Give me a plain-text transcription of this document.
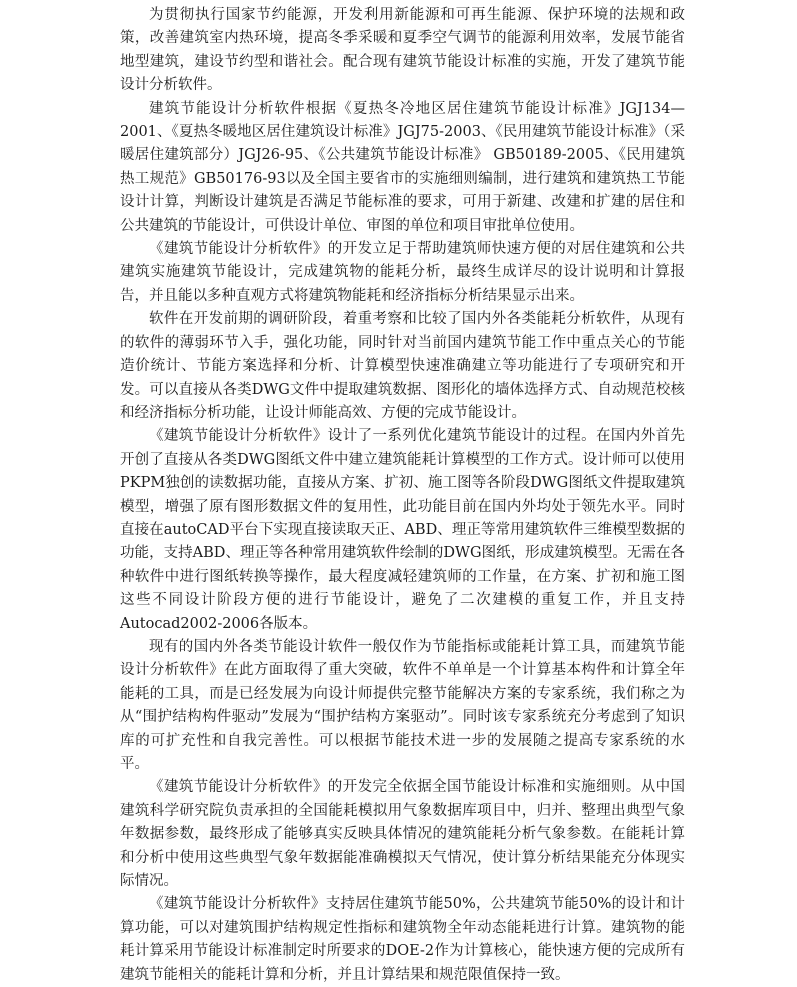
为贯彻执行国家节约能源，开发利用新能源和可再生能源、保护环境的法规和政策，改善建筑室内热环境，提高冬季采暖和夏季空气调节的能源利用效率，发展节能省地型建筑，建设节约型和谐社会。配合现有建筑节能设计标准的实施，开发了建筑节能设计分析软件。

建筑节能设计分析软件根据《夏热冬冷地区居住建筑节能设计标准》JGJ134—2001、《夏热冬暖地区居住建筑设计标准》JGJ75-2003、《民用建筑节能设计标准》（采暖居住建筑部分）JGJ26-95、《公共建筑节能设计标准》 GB50189-2005、《民用建筑热工规范》GB50176-93以及全国主要省市的实施细则编制，进行建筑和建筑热工节能设计计算，判断设计建筑是否满足节能标准的要求，可用于新建、改建和扩建的居住和公共建筑的节能设计，可供设计单位、审图的单位和项目审批单位使用。

《建筑节能设计分析软件》的开发立足于帮助建筑师快速方便的对居住建筑和公共建筑实施建筑节能设计，完成建筑物的能耗分析，最终生成详尽的设计说明和计算报告，并且能以多种直观方式将建筑物能耗和经济指标分析结果显示出来。

软件在开发前期的调研阶段，着重考察和比较了国内外各类能耗分析软件，从现有的软件的薄弱环节入手，强化功能，同时针对当前国内建筑节能工作中重点关心的节能造价统计、节能方案选择和分析、计算模型快速准确建立等功能进行了专项研究和开发。可以直接从各类DWG文件中提取建筑数据、图形化的墙体选择方式、自动规范校核和经济指标分析功能，让设计师能高效、方便的完成节能设计。

《建筑节能设计分析软件》设计了一系列优化建筑节能设计的过程。在国内外首先开创了直接从各类DWG图纸文件中建立建筑能耗计算模型的工作方式。设计师可以使用PKPM独创的读数据功能，直接从方案、扩初、施工图等各阶段DWG图纸文件提取建筑模型，增强了原有图形数据文件的复用性，此功能目前在国内外均处于领先水平。同时直接在autoCAD平台下实现直接读取天正、ABD、理正等常用建筑软件三维模型数据的功能，支持ABD、理正等各种常用建筑软件绘制的DWG图纸，形成建筑模型。无需在各种软件中进行图纸转换等操作，最大程度减轻建筑师的工作量，在方案、扩初和施工图这些不同设计阶段方便的进行节能设计，避免了二次建模的重复工作，并且支持Autocad2002-2006各版本。

现有的国内外各类节能设计软件一般仅作为节能指标或能耗计算工具，而建筑节能设计分析软件》在此方面取得了重大突破，软件不单单是一个计算基本构件和计算全年能耗的工具，而是已经发展为向设计师提供完整节能解决方案的专家系统，我们称之为从“围护结构构件驱动”发展为“围护结构方案驱动”。同时该专家系统充分考虑到了知识库的可扩充性和自我完善性。可以根据节能技术进一步的发展随之提高专家系统的水平。

《建筑节能设计分析软件》的开发完全依据全国节能设计标准和实施细则。从中国建筑科学研究院负责承担的全国能耗模拟用气象数据库项目中，归并、整理出典型气象年数据参数，最终形成了能够真实反映具体情况的建筑能耗分析气象参数。在能耗计算和分析中使用这些典型气象年数据能准确模拟天气情况，使计算分析结果能充分体现实际情况。

《建筑节能设计分析软件》支持居住建筑节能50%，公共建筑节能50%的设计和计算功能，可以对建筑围护结构规定性指标和建筑物全年动态能耗进行计算。建筑物的能耗计算采用节能设计标准制定时所要求的DOE-2作为计算核心，能快速方便的完成所有建筑节能相关的能耗计算和分析，并且计算结果和规范限值保持一致。
